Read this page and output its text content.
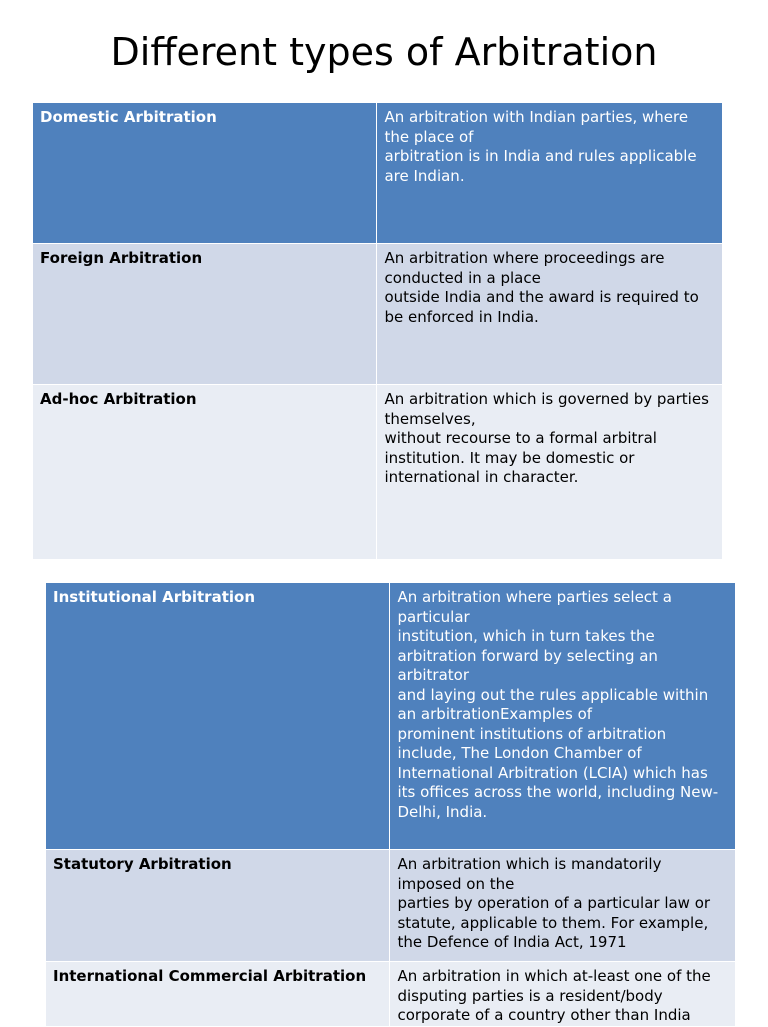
Different types of Arbitration
Domestic Arbitration	An arbitration with Indian parties, where the place of
arbitration is in India and rules applicable are Indian.

Foreign Arbitration	An arbitration where proceedings are conducted in a place
outside India and the award is required to be enforced in India.

Ad-hoc Arbitration	An arbitration which is governed by parties themselves,
without recourse to a formal arbitral institution. It may be domestic or international in character.
Institutional Arbitration	An arbitration where parties select a particular
institution, which in turn takes the arbitration forward by selecting an arbitrator
and laying out the rules applicable within an arbitrationExamples of
prominent institutions of arbitration include, The London Chamber of International Arbitration (LCIA) which has its offices across the world, including New-Delhi, India.

Statutory Arbitration	An arbitration which is mandatorily imposed on the
parties by operation of a particular law or statute, applicable to them. For example, the Defence of India Act, 1971

International Commercial Arbitration	An arbitration in which at-least one of the disputing parties is a resident/body corporate of a country other than India
